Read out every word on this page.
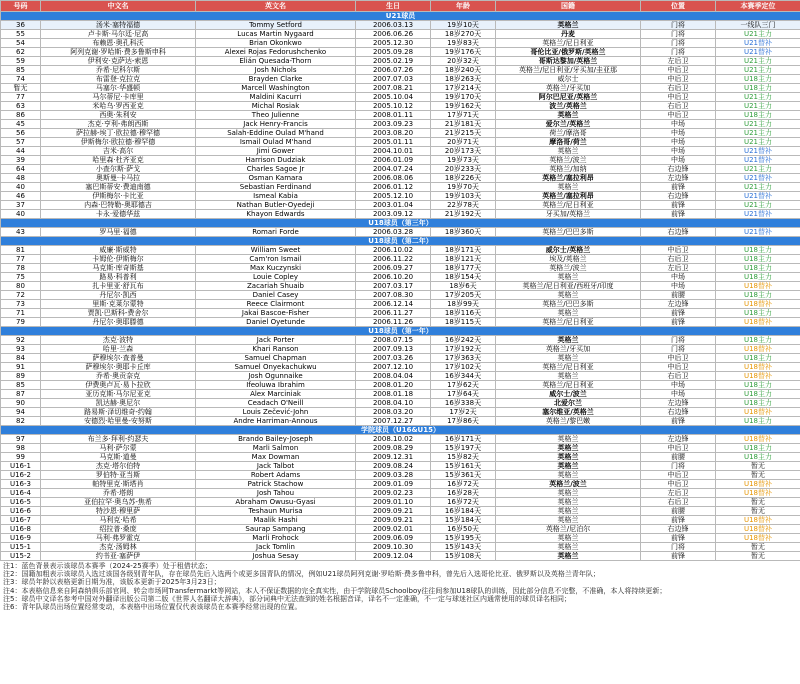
号码	中文名	英文名	生日	年龄	国籍	位置	本赛季定位
U21球员							
36	汤米·塞特福德	Tommy Setford	2006.03.13	19岁10天	英格兰	门将	一线队三门
55	卢卡斯·马尔廷·尼高	Lucas Martin Nygaard	2006.06.26	18岁270天	丹麦	门将	U21主力
54	布赖恩·奥孔科沃	Brian Okonkwo	2005.12.30	19岁83天	英格兰/尼日利亚	门将	U21替补
62	阿列克谢·罗哈斯·费多鲁斯申科	Alexei Rojas Fedorushchenko	2005.09.28	19岁176天	哥伦比亚/俄罗斯/英格兰	门将	U21替补
59	伊利安·克萨达-索恩	Elián Quesada-Thorn	2005.02.19	20岁32天	哥斯达黎加/英格兰	左后卫	U21主力
85	乔希·尼科尔斯	Josh Nichols	2006.07.26	18岁240天	英格兰/尼日利亚/牙买加/圭亚那	中后卫	U21主力
74	布雷登·克拉克	Brayden Clarke	2007.07.03	18岁263天	威尔士	中后卫	U18主力
暂无	马塞尔·华盛顿	Marcell Washington	2007.08.21	17岁214天	英格兰/牙买加	右后卫	U18主力
77	马尔蒂尼·卡库里	Maldini Kacurri	2005.10.04	19岁170天	阿尔巴尼亚/英格兰	中后卫	U21主力
63	米哈乌·罗西亚克	Michal Rosiak	2005.10.12	19岁162天	波兰/英格兰	右后卫	U21主力
86	西奥·朱利安	Theo Julienne	2008.01.11	17岁71天	英格兰	中后卫	U18主力
45	杰克·亨利-弗朗西斯	Jack Henry-Francis	2003.09.23	21岁181天	爱尔兰/英格兰	中场	U21主力
56	萨拉赫-埃丁·欧拉德·穆罕德	Salah-Eddine Oulad M'hand	2003.08.20	21岁215天	荷兰/摩洛哥	中场	U21主力
57	伊斯梅尔·欧拉德·穆罕德	Ismail Oulad M'hand	2005.01.11	20岁71天	摩洛哥/荷兰	中场	U21主力
44	吉米·高尔	Jimi Gower	2004.10.01	20岁173天	英格兰	中场	U21替补
39	哈里森·杜齐亚克	Harrison Dudziak	2006.01.09	19岁73天	英格兰/波兰	中场	U21替补
64	小查尔斯·萨戈	Charles Sagoe Jr	2004.07.24	20岁233天	英格兰/加纳	右边锋	U21主力
48	奥斯曼·卡马拉	Osman Kamara	2006.08.06	18岁226天	英格兰/塞拉利昂	左边锋	U21替补
40	塞巴斯蒂安·费迪南德	Sebastian Ferdinand	2006.01.12	19岁70天	英格兰	前锋	U21主力
46	伊斯梅尔·卡比亚	Ismeal Kabia	2005.12.10	19岁103天	英格兰/塞拉利昂	右边锋	U21替补
37	内森·巴特勒-奥耶德吉	Nathan Butler-Oyedeji	2003.01.04	22岁78天	英格兰/尼日利亚	前锋	U21主力
40	卡永·爱德华兹	Khayon Edwards	2003.09.12	21岁192天	牙买加/英格兰	前锋	U21替补
U18球员（第三年）							
43	罗马里·福德	Romari Forde	2006.03.28	18岁360天	英格兰/巴巴多斯	右边锋	U21替补
U18球员（第二年）							
81	威廉·斯威特	William Sweet	2006.10.02	18岁171天	威尔士/英格兰	中后卫	U18主力
77	卡姆伦·伊斯梅尔	Cam'ron Ismail	2006.11.22	18岁121天	埃及/英格兰	右后卫	U18主力
78	马克斯·库奇斯基	Max Kuczynski	2006.09.27	18岁177天	英格兰/波兰	左后卫	U18主力
75	路易·科普利	Louie Copley	2006.10.20	18岁154天	英格兰	中场	U18主力
80	扎卡里亚·舒瓦布	Zacariah Shuaib	2007.03.17	18岁6天	英格兰/尼日利亚/西班牙/印度	中场	U18替补
72	丹尼尔·凯西	Daniel Casey	2007.08.30	17岁205天	英格兰	前腰	U18主力
73	里斯·克莱尔蒙特	Reece Clairmont	2006.12.14	18岁99天	英格兰/巴巴多斯	左边锋	U18替补
71	贾凯·巴斯科-费舍尔	Jakai Bascoe-Fisher	2006.11.27	18岁116天	英格兰	前锋	U18主力
79	丹尼尔·奥耶滕德	Daniel Oyetunde	2006.11.26	18岁115天	英格兰/尼日利亚	前锋	U18替补
U18球员（第一年）							
92	杰克·波特	Jack Porter	2008.07.15	16岁242天	英格兰	门将	U18主力
93	哈里·兰森	Khari Ranson	2007.09.13	17岁192天	英格兰/牙买加	门将	U18替补
84	萨穆埃尔·查普曼	Samuel Chapman	2007.03.26	17岁363天	英格兰	中后卫	U18主力
91	萨穆埃尔·奥耶卡丘库	Samuel Onyekachukwu	2007.12.10	17岁102天	英格兰/尼日利亚	中后卫	U18替补
89	乔希·奥贡奈克	Josh Ogunnaike	2008.04.04	16岁344天	英格兰	右后卫	U18替补
85	伊费奥卢瓦·易卜拉欣	Ifeoluwa Ibrahim	2008.01.20	17岁62天	英格兰/尼日利亚	中场	U18主力
87	亚历克斯·马尔尼亚克	Alex Marciniak	2008.01.18	17岁64天	威尔士/波兰	中场	U18主力
90	凯达赫·奥尼尔	Ceadach O'Neill	2008.04.10	16岁338天	北爱尔兰	左边锋	U18主力
94	路易斯·泽切维奇-约翰	Louis Zečević-John	2008.03.20	17岁2天	塞尔维亚/英格兰	右边锋	U18替补
82	安德烈·哈里曼-安努斯	Andre Harriman-Annous	2007.12.27	17岁86天	英格兰/黎巴嫩	前锋	U18主力
学院球员（U16&U15）							
97	布兰多·拜利-约瑟夫	Brando Bailey-Joseph	2008.10.02	16岁171天	英格兰	左边锋	U18替补
98	马利·萨尔蒙	Marli Salmon	2009.08.29	15岁197天	英格兰	中后卫	U18主力
99	马克斯·道曼	Max Dowman	2009.12.31	15岁82天	英格兰	前腰	U18主力
U16-1	杰克·塔尔伯特	Jack Talbot	2009.08.24	15岁161天	英格兰	门将	暂无
U16-2	罗伯特·亚当斯	Robert Adams	2009.03.28	15岁361天	英格兰	中后卫	暂无
U16-3	帕特里克·斯塔肖	Patrick Stachow	2009.01.09	16岁72天	英格兰/波兰	中后卫	U18替补
U16-4	乔希·塔朗	Josh Tahou	2009.02.23	16岁28天	英格兰	左后卫	U18替补
U16-5	亚伯拉罕·奥乌苏-焦希	Abraham Owusu-Gyasi	2009.01.10	16岁72天	英格兰	右后卫	暂无
U16-6	特沙恩·穆里萨	Teshaun Murisa	2009.09.21	16岁184天	英格兰	前腰	暂无
U16-7	马利克·哈希	Maalik Hashi	2009.09.21	15岁184天	英格兰	前锋	U18替补
U16-8	绍拉普·桑庞	Saurap Sampang	2009.02.01	16岁50天	英格兰/尼泊尔	右边锋	U18替补
U16-9	马利·弗罗霍克	Marli Frohock	2009.06.09	15岁195天	英格兰	前锋	U18替补
U15-1	杰克·汤姆林	Jack Tomlin	2009.10.30	15岁143天	英格兰	门将	暂无
U15-2	约书亚·塞萨伊	Joshua Sesay	2009.12.04	15岁108天	英格兰	前锋	暂无
注1：蓝色背景表示该球员本赛季（2024-25赛季）处于租借状态；
注2：国籍加粗表示该球员入选过该国各级别青年队，存在球员先后入选两个或更多国青队的情况，例如U21球员阿列克谢·罗哈斯·费多鲁申科，曾先后入选哥伦比亚、俄罗斯以及英格兰青年队；
注3：球员年龄以表格更新日期为准，该版本更新于2025年3月23日；
注4：本表格信息来自阿森纳俱乐部官网、转会市场网Transfermarkt等网站，本人不保证数据的完全真实性，由于学院球员Schoolboy往往间参加U18球队的训练，因此部分信息不完整，不准确，本人将持续更新；
注5：球员中文译名参考中国对外翻译出版公司第二版《世界人名翻译大辞典》，部分词典中无法查到的姓名根据音译，译名不一定准确，不一定与球迷社区内通常使用的球员译名相同；
注6：青年队球员出场位置经常变动，本表格中出场位置仅代表该球员在本赛季经常出现的位置。
